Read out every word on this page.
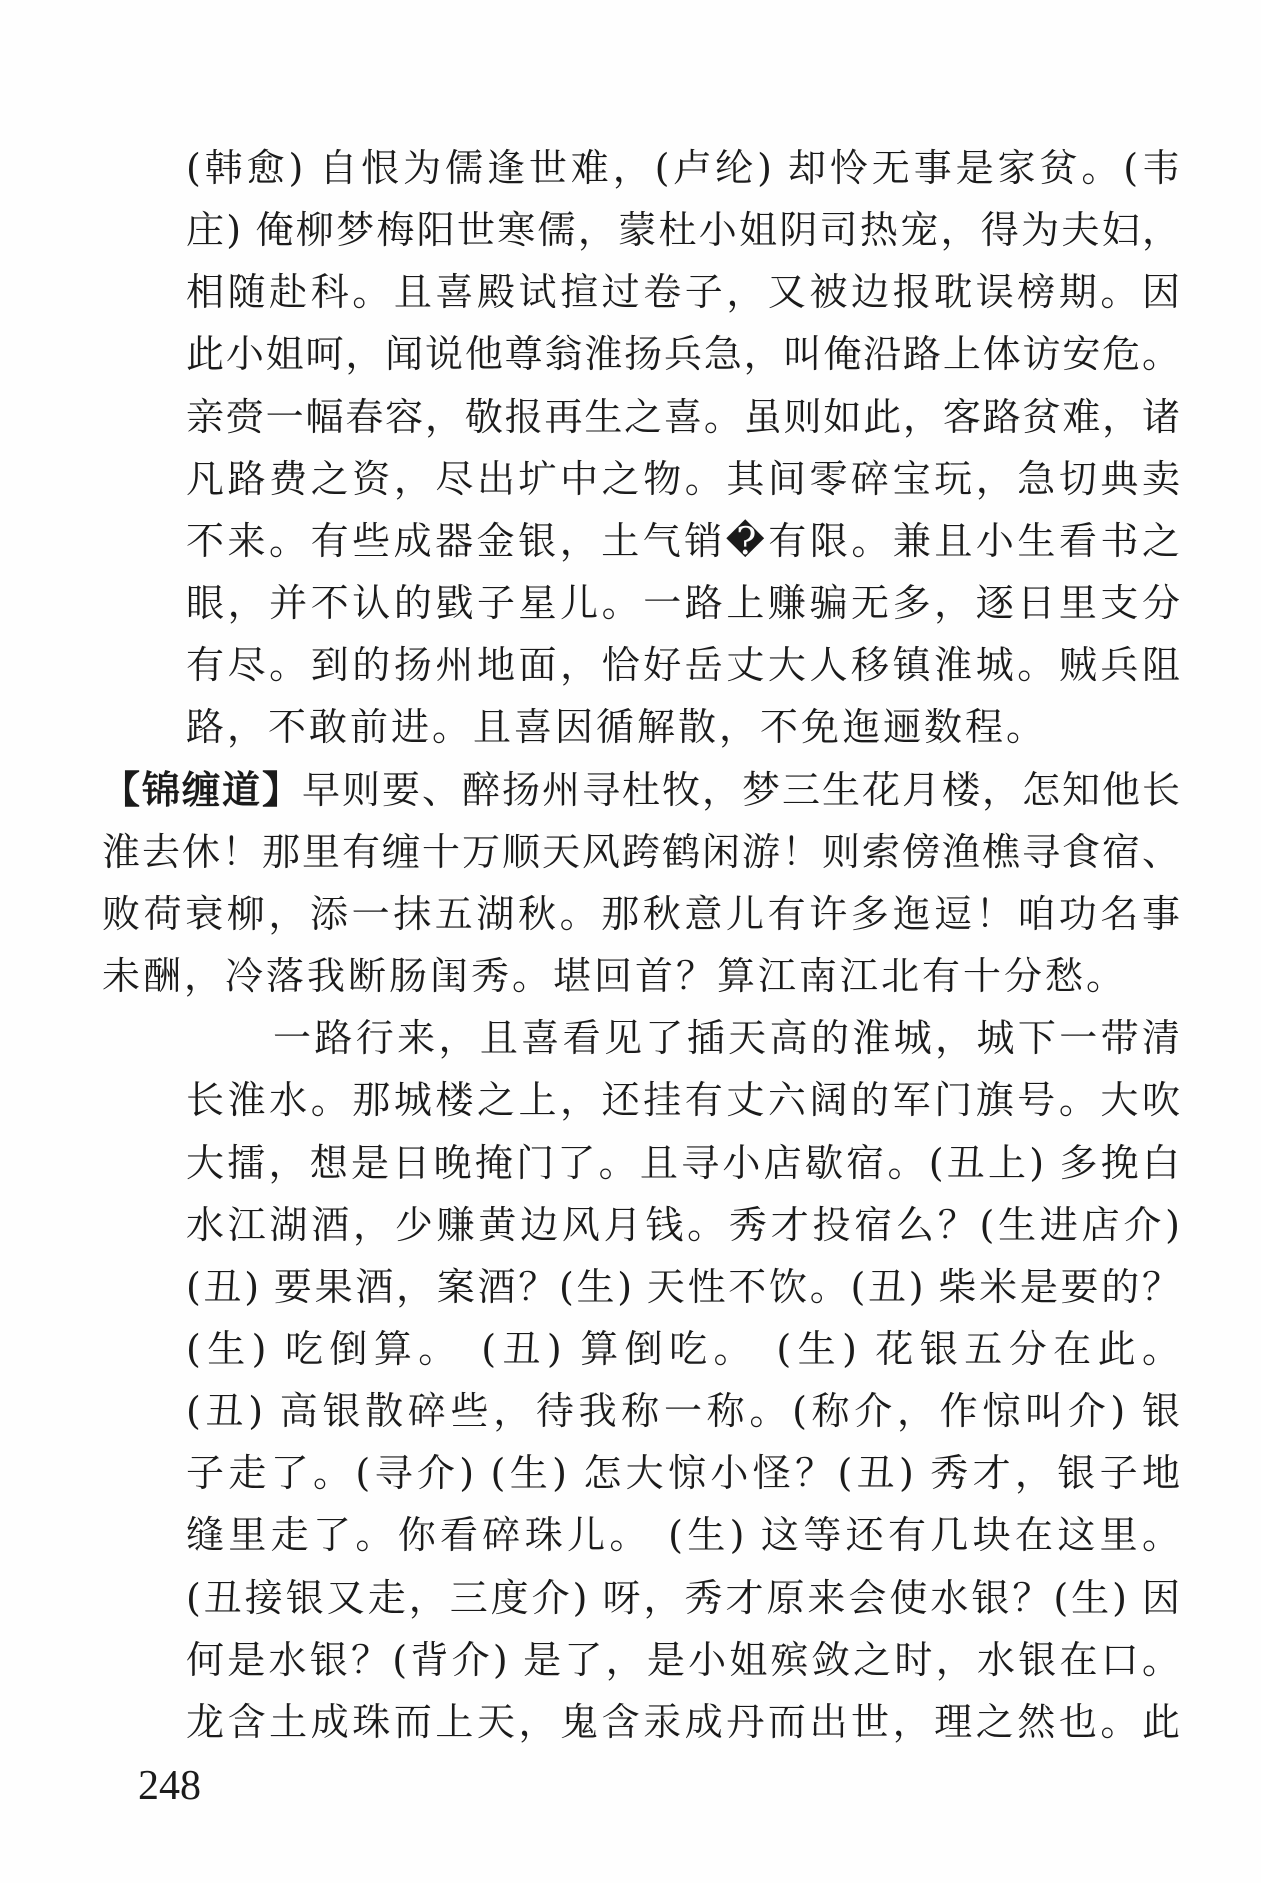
(韩愈) 自恨为儒逢世难，(卢纶) 却怜无事是家贫。(韦
庄) 俺柳梦梅阳世寒儒，蒙杜小姐阴司热宠，得为夫妇，
相随赴科。且喜殿试揎过卷子，又被边报耽误榜期。因
此小姐呵，闻说他尊翁淮扬兵急，叫俺沿路上体访安危。
亲赍一幅春容，敬报再生之喜。虽则如此，客路贫难，诸
凡路费之资，尽出圹中之物。其间零碎宝玩，急切典卖
不来。有些成器金银，土气销�有限。兼且小生看书之
眼，并不认的戥子星儿。一路上赚骗无多，逐日里支分
有尽。到的扬州地面，恰好岳丈大人移镇淮城。贼兵阻
路，不敢前进。且喜因循解散，不免迤逦数程。
【锦缠道】早则要、醉扬州寻杜牧，梦三生花月楼，怎知他长
淮去休！那里有缠十万顺天风跨鹤闲游！则索傍渔樵寻食宿、
败荷衰柳，添一抹五湖秋。那秋意儿有许多迤逗！咱功名事
未酬，冷落我断肠闺秀。堪回首？算江南江北有十分愁。
一路行来，且喜看见了插天高的淮城，城下一带清
长淮水。那城楼之上，还挂有丈六阔的军门旗号。大吹
大擂，想是日晚掩门了。且寻小店歇宿。(丑上) 多挽白
水江湖酒，少赚黄边风月钱。秀才投宿么？(生进店介)
(丑) 要果酒，案酒？(生) 天性不饮。(丑) 柴米是要的？
(生) 吃倒算。 (丑) 算倒吃。 (生) 花银五分在此。
(丑) 高银散碎些，待我称一称。(称介，作惊叫介) 银
子走了。(寻介) (生) 怎大惊小怪？(丑) 秀才，银子地
缝里走了。你看碎珠儿。 (生) 这等还有几块在这里。
(丑接银又走，三度介) 呀，秀才原来会使水银？(生) 因
何是水银？(背介) 是了，是小姐殡敛之时，水银在口。
龙含土成珠而上天，鬼含汞成丹而出世，理之然也。此
248
